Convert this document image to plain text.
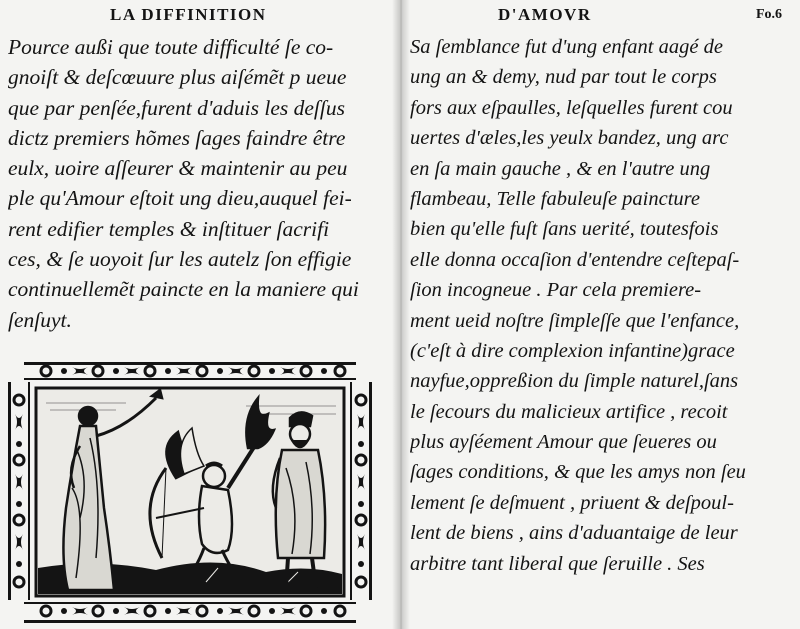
LA DIFFINITION
Pource außi que toute difficulté ſe co-
gnoiſt & deſcœuure plus aiſémẽt p ueue
que par penſée,furent d'aduis les deſſus
dictz premiers hõmes ſages faindre être
eulx, uoire aſſeurer & maintenir au peu
ple qu'Amour eſtoit ung dieu,auquel fei-
rent edifier temples & inſtituer ſacrifi
ces, & ſe uoyoit ſur les autelz ſon effigie
continuellemẽt paincte en la maniere qui
ſenſuyt.
D'AMOVR	Fo.6
Sa ſemblance fut d'ung enfant aagé de
ung an & demy, nud par tout le corps
fors aux eſpaulles, leſquelles furent cou
uertes d'æles,les yeulx bandez, ung arc
en ſa main gauche , & en l'autre ung
flambeau, Telle fabuleuſe paincture
bien qu'elle fuſt ſans uerité, toutesfois
elle donna occaſion d'entendre ceſtepaſ-
ſion incogneue . Par cela premiere-
ment ueid noſtre ſimpleſſe que l'enfance,
(c'eſt à dire complexion infantine)grace
nayfue,oppreßion du ſimple naturel,ſans
le ſecours du malicieux artifice , recoit
plus ayſéement Amour que ſeueres ou
ſages conditions, & que les amys non ſeu
lement ſe deſmuent , priuent & deſpoul-
lent de biens , ains d'aduantaige de leur
arbitre tant liberal que ſeruille . Ses
